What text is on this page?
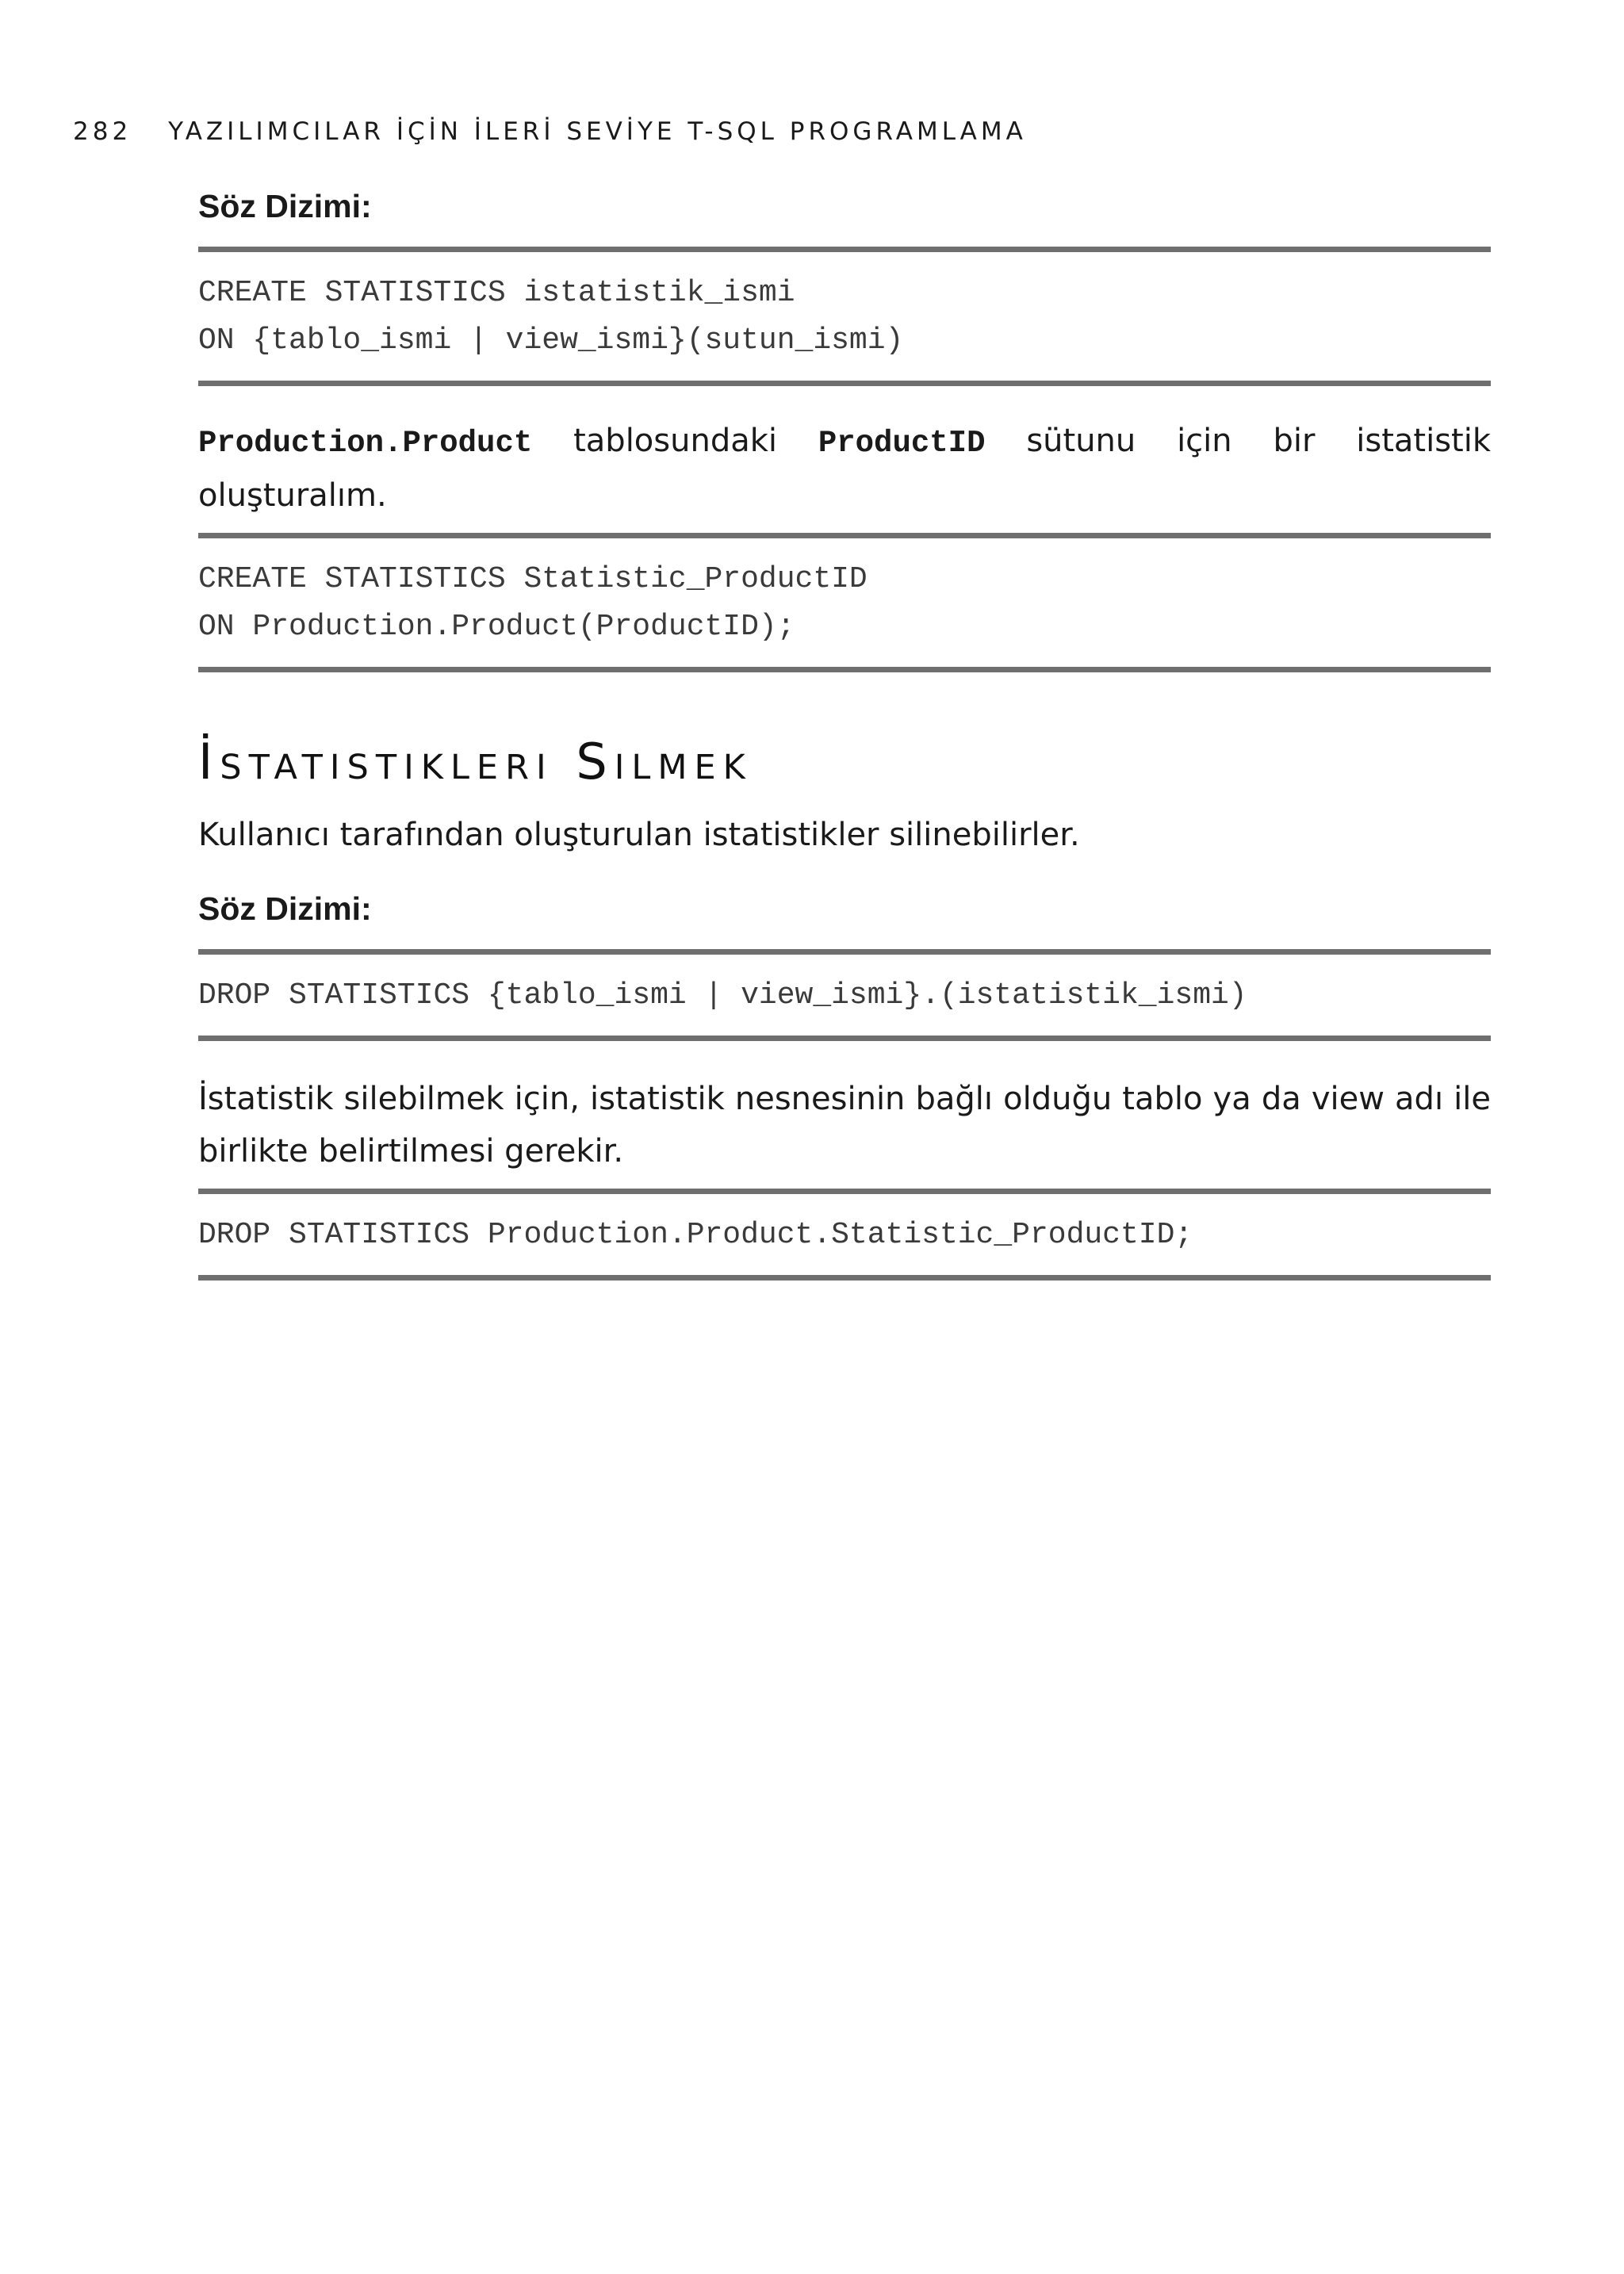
282 YAZILIMCILAR İÇİN İLERİ SEVİYE T-SQL PROGRAMLAMA
Söz Dizimi:
CREATE STATISTICS istatistik_ismi
ON {tablo_ismi | view_ismi}(sutun_ismi)

Production.Product tablosundaki ProductID sütunu için bir istatistik oluşturalım.

CREATE STATISTICS Statistic_ProductID
ON Production.Product(ProductID);
İstatistikleri Silmek

Kullanıcı tarafından oluşturulan istatistikler silinebilirler.

Söz Dizimi:
DROP STATISTICS {tablo_ismi | view_ismi}.(istatistik_ismi)

İstatistik silebilmek için, istatistik nesnesinin bağlı olduğu tablo ya da view adı ile birlikte belirtilmesi gerekir.

DROP STATISTICS Production.Product.Statistic_ProductID;
